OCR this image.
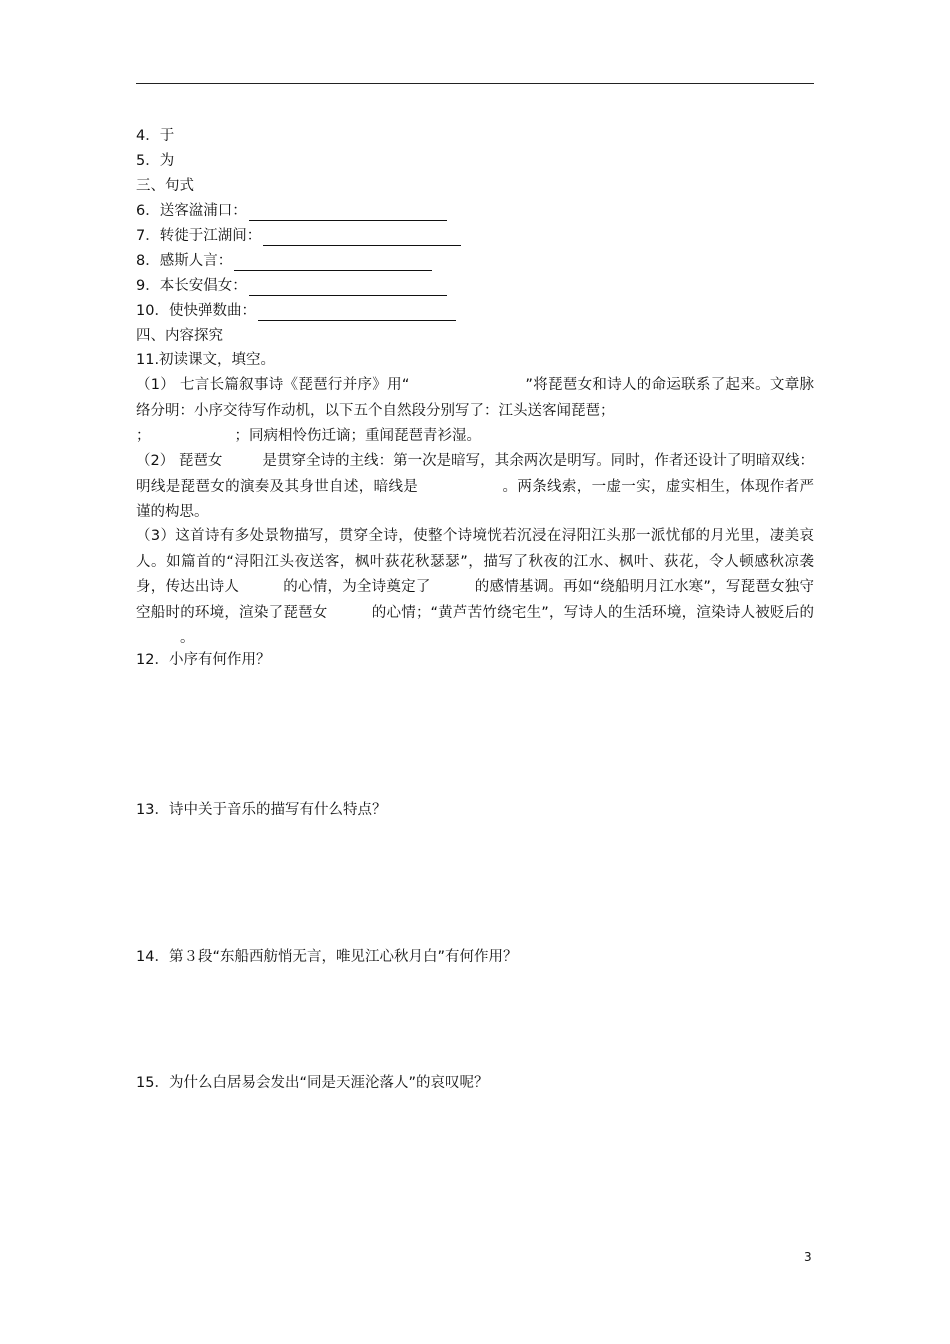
4．于
5．为
三、句式
6．送客湓浦口：
7．转徙于江湖间：
8．感斯人言：
9．本长安倡女：
10．使快弹数曲：
四、内容探究
11.初读课文，填空。
（1） 七言长篇叙事诗《琵琶行并序》用“	”将琵琶女和诗人的命运联系了起来。文章脉络分明：小序交待写作动机，以下五个自然段分别写了：江头送客闻琵琶；
；	；同病相怜伤迁谪；重闻琵琶青衫湿。
（2） 琵琶女	是贯穿全诗的主线：第一次是暗写，其余两次是明写。同时，作者还设计了明暗双线：明线是琵琶女的演奏及其身世自述，暗线是	。两条线索，一虚一实，虚实相生，体现作者严谨的构思。
（3）这首诗有多处景物描写，贯穿全诗，使整个诗境恍若沉浸在浔阳江头那一派忧郁的月光里，凄美哀人。如篇首的“浔阳江头夜送客，枫叶荻花秋瑟瑟”，描写了秋夜的江水、枫叶、荻花，令人顿感秋凉袭身，传达出诗人	的心情，为全诗奠定了	的感情基调。再如“绕船明月江水寒”，写琵琶女独守空船时的环境，渲染了琵琶女	的心情；“黄芦苦竹绕宅生”，写诗人的生活环境，渲染诗人被贬后的。
12．小序有何作用？
13．诗中关于音乐的描写有什么特点？
14．第３段“东船西舫悄无言，唯见江心秋月白”有何作用？
15．为什么白居易会发出“同是天涯沦落人”的哀叹呢？
3
